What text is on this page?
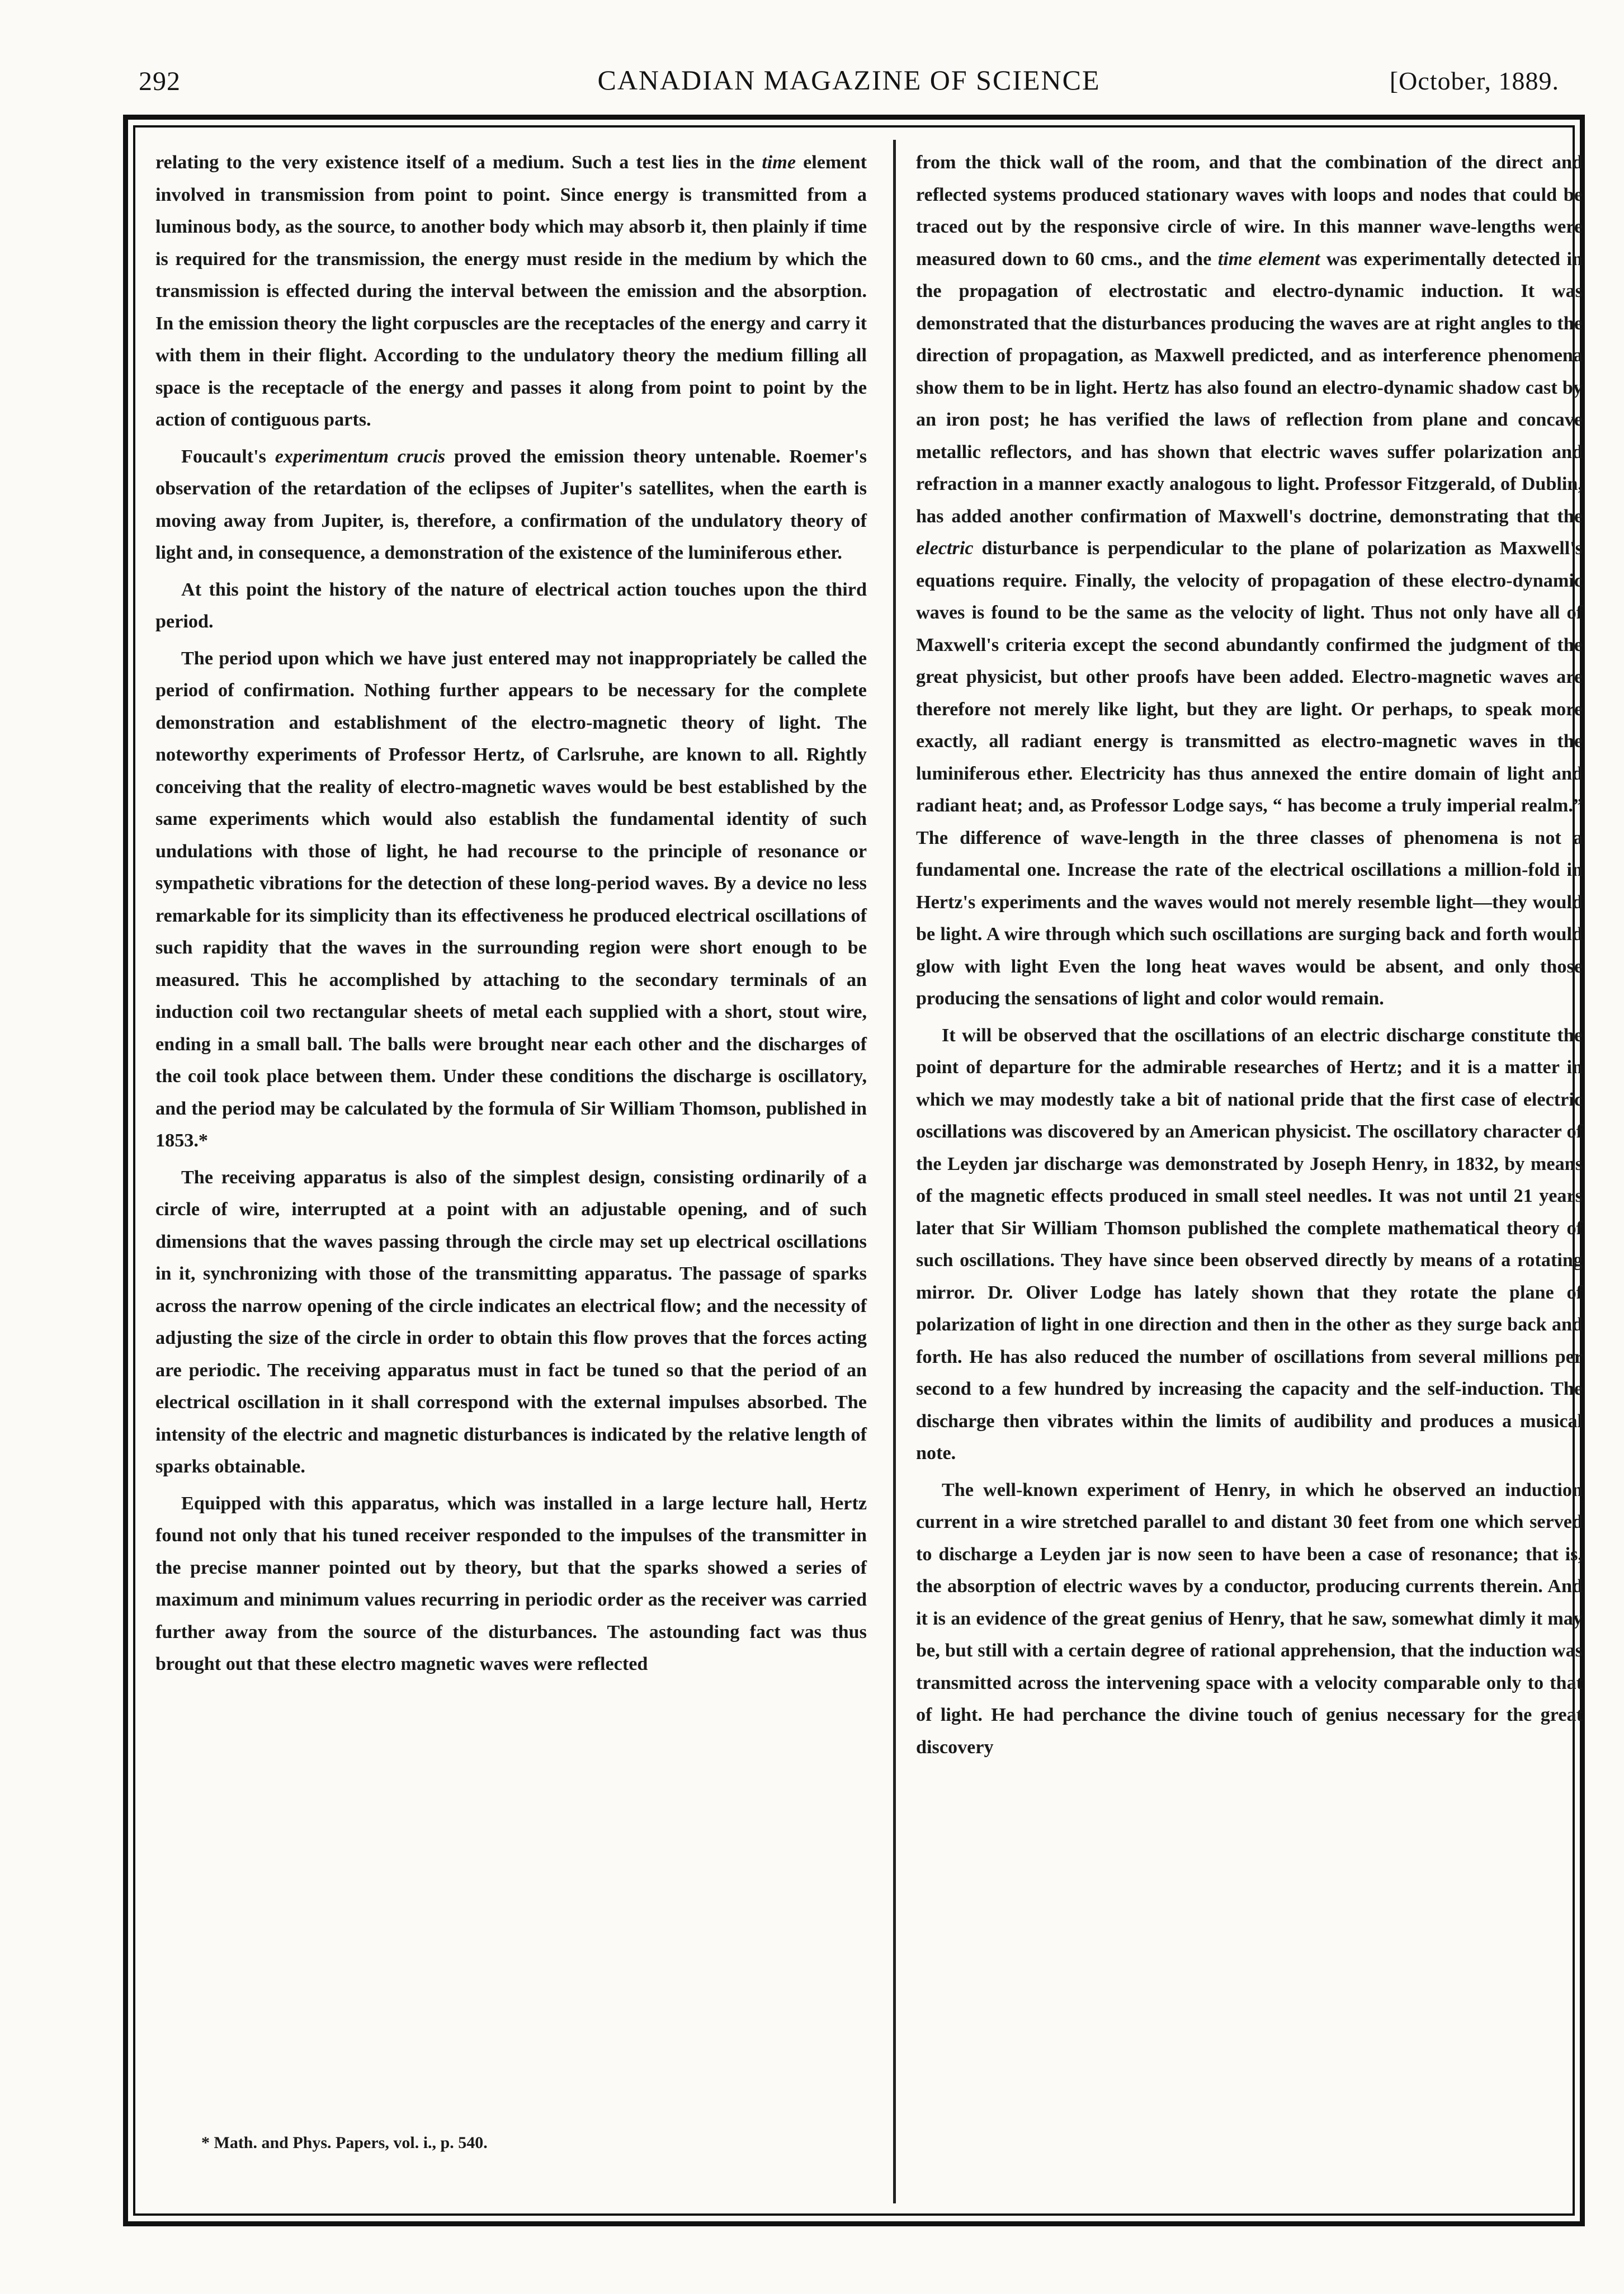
292	CANADIAN MAGAZINE OF SCIENCE	[October, 1889.

relating to the very existence itself of a medium. Such a test lies in the time element involved in transmission from point to point. Since energy is transmitted from a luminous body, as the source, to another body which may absorb it, then plainly if time is required for the transmission, the energy must reside in the medium by which the transmission is effected during the interval between the emission and the absorption. In the emission theory the light corpuscles are the receptacles of the energy and carry it with them in their flight. According to the undulatory theory the medium filling all space is the receptacle of the energy and passes it along from point to point by the action of contiguous parts.

Foucault's experimentum crucis proved the emission theory untenable. Roemer's observation of the retardation of the eclipses of Jupiter's satellites, when the earth is moving away from Jupiter, is, therefore, a confirmation of the undulatory theory of light and, in consequence, a demonstration of the existence of the luminiferous ether.

At this point the history of the nature of electrical action touches upon the third period.

The period upon which we have just entered may not inappropriately be called the period of confirmation. Nothing further appears to be necessary for the complete demonstration and establishment of the electro-magnetic theory of light. The noteworthy experiments of Professor Hertz, of Carlsruhe, are known to all. Rightly conceiving that the reality of electro-magnetic waves would be best established by the same experiments which would also establish the fundamental identity of such undulations with those of light, he had recourse to the principle of resonance or sympathetic vibrations for the detection of these long-period waves. By a device no less remarkable for its simplicity than its effectiveness he produced electrical oscillations of such rapidity that the waves in the surrounding region were short enough to be measured. This he accomplished by attaching to the secondary terminals of an induction coil two rectangular sheets of metal each supplied with a short, stout wire, ending in a small ball. The balls were brought near each other and the discharges of the coil took place between them. Under these conditions the discharge is oscillatory, and the period may be calculated by the formula of Sir William Thomson, published in 1853.*

The receiving apparatus is also of the simplest design, consisting ordinarily of a circle of wire, interrupted at a point with an adjustable opening, and of such dimensions that the waves passing through the circle may set up electrical oscillations in it, synchronizing with those of the transmitting apparatus. The passage of sparks across the narrow opening of the circle indicates an electrical flow; and the necessity of adjusting the size of the circle in order to obtain this flow proves that the forces acting are periodic. The receiving apparatus must in fact be tuned so that the period of an electrical oscillation in it shall correspond with the external impulses absorbed. The intensity of the electric and magnetic disturbances is indicated by the relative length of sparks obtainable.

Equipped with this apparatus, which was installed in a large lecture hall, Hertz found not only that his tuned receiver responded to the impulses of the transmitter in the precise manner pointed out by theory, but that the sparks showed a series of maximum and minimum values recurring in periodic order as the receiver was carried further away from the source of the disturbances. The astounding fact was thus brought out that these electro magnetic waves were reflected

from the thick wall of the room, and that the combination of the direct and reflected systems produced stationary waves with loops and nodes that could be traced out by the responsive circle of wire. In this manner wave-lengths were measured down to 60 cms., and the time element was experimentally detected in the propagation of electrostatic and electro-dynamic induction. It was demonstrated that the disturbances producing the waves are at right angles to the direction of propagation, as Maxwell predicted, and as interference phenomena show them to be in light. Hertz has also found an electro-dynamic shadow cast by an iron post; he has verified the laws of reflection from plane and concave metallic reflectors, and has shown that electric waves suffer polarization and refraction in a manner exactly analogous to light. Professor Fitzgerald, of Dublin, has added another confirmation of Maxwell's doctrine, demonstrating that the electric disturbance is perpendicular to the plane of polarization as Maxwell's equations require. Finally, the velocity of propagation of these electro-dynamic waves is found to be the same as the velocity of light. Thus not only have all of Maxwell's criteria except the second abundantly confirmed the judgment of the great physicist, but other proofs have been added. Electro-magnetic waves are therefore not merely like light, but they are light. Or perhaps, to speak more exactly, all radiant energy is transmitted as electro-magnetic waves in the luminiferous ether. Electricity has thus annexed the entire domain of light and radiant heat; and, as Professor Lodge says, “ has become a truly imperial realm.” The difference of wave-length in the three classes of phenomena is not a fundamental one. Increase the rate of the electrical oscillations a million-fold in Hertz's experiments and the waves would not merely resemble light—they would be light. A wire through which such oscillations are surging back and forth would glow with light Even the long heat waves would be absent, and only those producing the sensations of light and color would remain.

It will be observed that the oscillations of an electric discharge constitute the point of departure for the admirable researches of Hertz; and it is a matter in which we may modestly take a bit of national pride that the first case of electric oscillations was discovered by an American physicist. The oscillatory character of the Leyden jar discharge was demonstrated by Joseph Henry, in 1832, by means of the magnetic effects produced in small steel needles. It was not until 21 years later that Sir William Thomson published the complete mathematical theory of such oscillations. They have since been observed directly by means of a rotating mirror. Dr. Oliver Lodge has lately shown that they rotate the plane of polarization of light in one direction and then in the other as they surge back and forth. He has also reduced the number of oscillations from several millions per second to a few hundred by increasing the capacity and the self-induction. The discharge then vibrates within the limits of audibility and produces a musical note.

The well-known experiment of Henry, in which he observed an induction current in a wire stretched parallel to and distant 30 feet from one which served to discharge a Leyden jar is now seen to have been a case of resonance; that is, the absorption of electric waves by a conductor, producing currents therein. And it is an evidence of the great genius of Henry, that he saw, somewhat dimly it may be, but still with a certain degree of rational apprehension, that the induction was transmitted across the intervening space with a velocity comparable only to that of light. He had perchance the divine touch of genius necessary for the great discovery

* Math. and Phys. Papers, vol. i., p. 540.
